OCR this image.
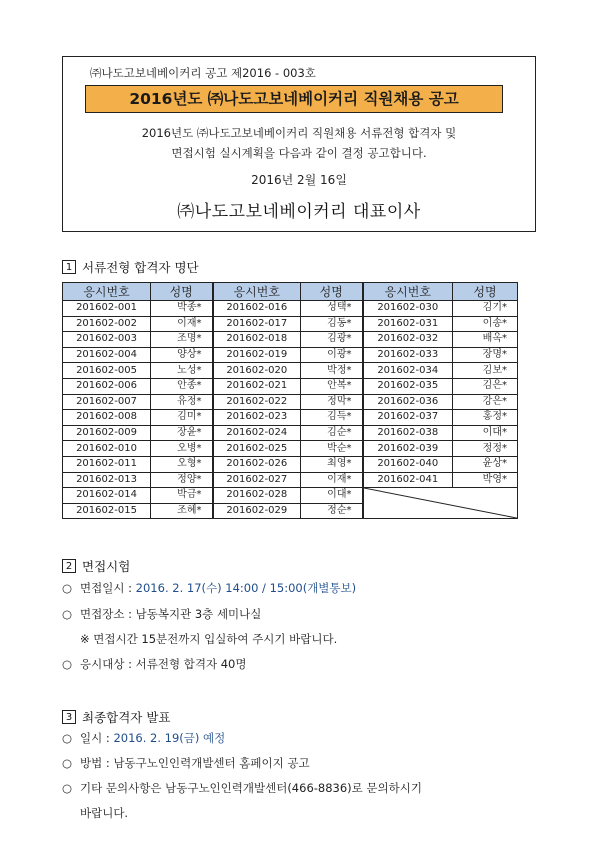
㈜나도고보네베이커리 공고 제2016 - 003호
2016년도 ㈜나도고보네베이커리 직원채용 공고
2016년도 ㈜나도고보네베이커리 직원채용 서류전형 합격자 및
면접시험 실시계획을 다음과 같이 결정 공고합니다.
2016년 2월 16일
㈜나도고보네베이커리 대표이사
1 서류전형 합격자 명단
응시번호	성명	응시번호	성명	응시번호	성명
201602-001	박종*	201602-016	성택*	201602-030	김기*
201602-002	이재*	201602-017	김동*	201602-031	이송*
201602-003	조명*	201602-018	김광*	201602-032	배옥*
201602-004	양상*	201602-019	이광*	201602-033	장명*
201602-005	노성*	201602-020	박정*	201602-034	김보*
201602-006	안종*	201602-021	안복*	201602-035	김은*
201602-007	유정*	201602-022	정막*	201602-036	강은*
201602-008	김미*	201602-023	김득*	201602-037	홍정*
201602-009	장윤*	201602-024	김순*	201602-038	이대*
201602-010	오병*	201602-025	박순*	201602-039	정정*
201602-011	오형*	201602-026	최영*	201602-040	윤상*
201602-013	정양*	201602-027	이재*	201602-041	박영*
201602-014	박금*	201602-028	이대*	

201602-015	조혜*	201602-029	정순*		
2 면접시험
○ 면접일시 : 2016. 2. 17(수) 14:00 / 15:00(개별통보)
○ 면접장소 : 남동복지관 3층 세미나실
※ 면접시간 15분전까지 입실하여 주시기 바랍니다.
○ 응시대상 : 서류전형 합격자 40명
3 최종합격자 발표
○ 일시 : 2016. 2. 19(금) 예정
○ 방법 : 남동구노인인력개발센터 홈페이지 공고
○ 기타 문의사항은 남동구노인인력개발센터(466-8836)로 문의하시기
바랍니다.
